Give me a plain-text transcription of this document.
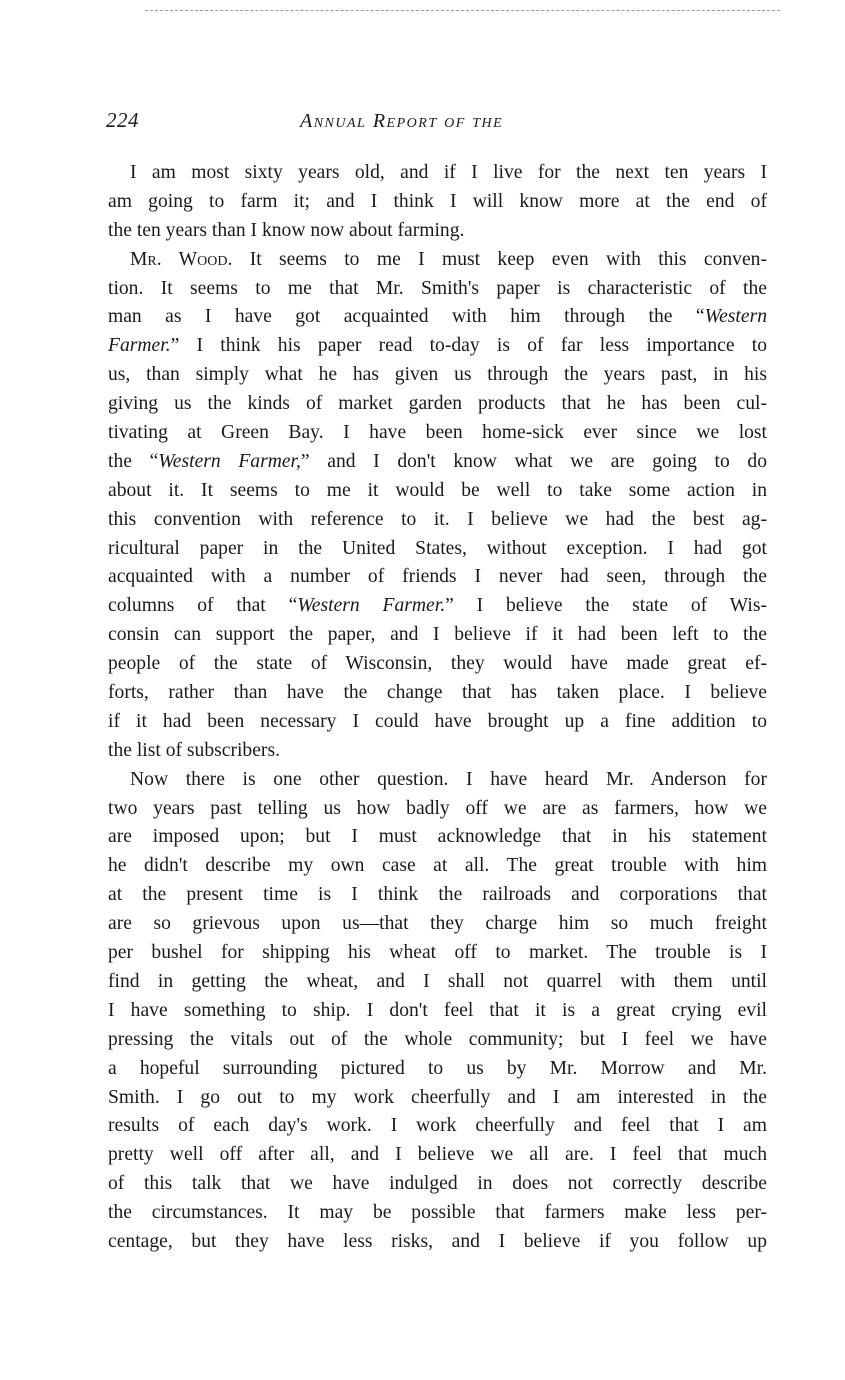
224	Annual Report of the
I am most sixty years old, and if I live for the next ten years I
am going to farm it; and I think I will know more at the end of
the ten years than I know now about farming.
Mr. Wood. It seems to me I must keep even with this conven-
tion. It seems to me that Mr. Smith's paper is characteristic of the
man as I have got acquainted with him through the “Western
Farmer.” I think his paper read to-day is of far less importance to
us, than simply what he has given us through the years past, in his
giving us the kinds of market garden products that he has been cul-
tivating at Green Bay. I have been home-sick ever since we lost
the “Western Farmer,” and I don't know what we are going to do
about it. It seems to me it would be well to take some action in
this convention with reference to it. I believe we had the best ag-
ricultural paper in the United States, without exception. I had got
acquainted with a number of friends I never had seen, through the
columns of that “Western Farmer.” I believe the state of Wis-
consin can support the paper, and I believe if it had been left to the
people of the state of Wisconsin, they would have made great ef-
forts, rather than have the change that has taken place. I believe
if it had been necessary I could have brought up a fine addition to
the list of subscribers.
Now there is one other question. I have heard Mr. Anderson for
two years past telling us how badly off we are as farmers, how we
are imposed upon; but I must acknowledge that in his statement
he didn't describe my own case at all. The great trouble with him
at the present time is I think the railroads and corporations that
are so grievous upon us—that they charge him so much freight
per bushel for shipping his wheat off to market. The trouble is I
find in getting the wheat, and I shall not quarrel with them until
I have something to ship. I don't feel that it is a great crying evil
pressing the vitals out of the whole community; but I feel we have
a hopeful surrounding pictured to us by Mr. Morrow and Mr.
Smith. I go out to my work cheerfully and I am interested in the
results of each day's work. I work cheerfully and feel that I am
pretty well off after all, and I believe we all are. I feel that much
of this talk that we have indulged in does not correctly describe
the circumstances. It may be possible that farmers make less per-
centage, but they have less risks, and I believe if you follow up
